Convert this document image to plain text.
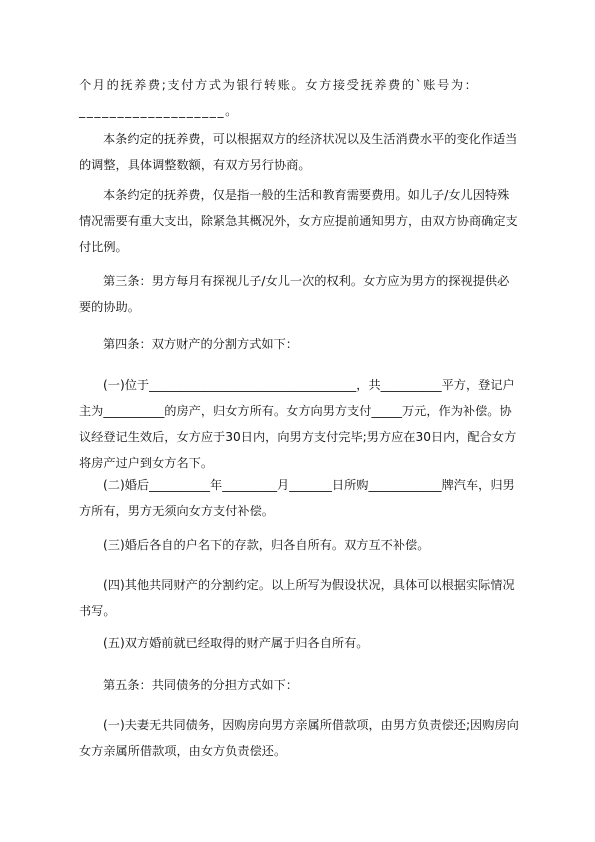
个月的抚养费;支付方式为银行转账。女方接受抚养费的`账号为：___________________。

本条约定的抚养费，可以根据双方的经济状况以及生活消费水平的变化作适当的调整，具体调整数额，有双方另行协商。

本条约定的抚养费，仅是指一般的生活和教育需要费用。如儿子/女儿因特殊情况需要有重大支出，除紧急其概况外，女方应提前通知男方，由双方协商确定支付比例。

第三条：男方每月有探视儿子/女儿一次的权利。女方应为男方的探视提供必要的协助。

第四条：双方财产的分割方式如下：

(一)位于__________________________________，共__________平方，登记户主为__________的房产，归女方所有。女方向男方支付_____万元，作为补偿。协议经登记生效后，女方应于30日内，向男方支付完毕;男方应在30日内，配合女方将房产过户到女方名下。

(二)婚后__________年_________月_______日所购____________牌汽车，归男方所有，男方无须向女方支付补偿。

(三)婚后各自的户名下的存款，归各自所有。双方互不补偿。

(四)其他共同财产的分割约定。以上所写为假设状况，具体可以根据实际情况书写。

(五)双方婚前就已经取得的财产属于归各自所有。

第五条：共同债务的分担方式如下：

(一)夫妻无共同债务，因购房向男方亲属所借款项，由男方负责偿还;因购房向女方亲属所借款项，由女方负责偿还。
